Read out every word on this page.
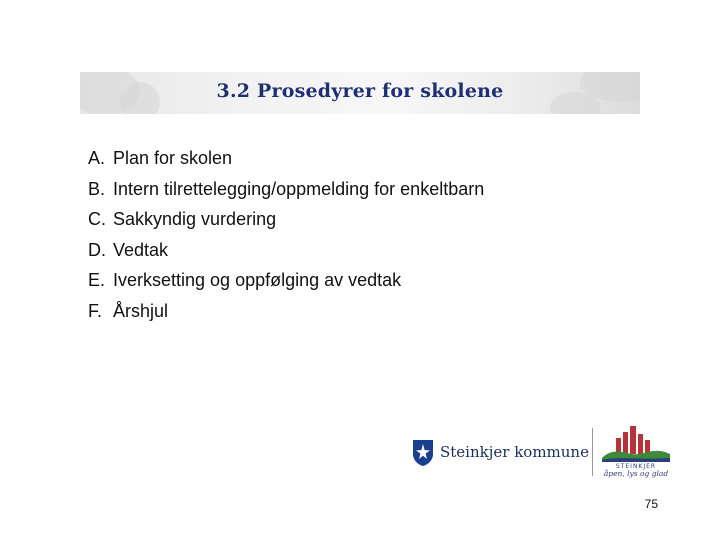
3.2 Prosedyrer for skolene
A. Plan for skolen
B. Intern tilrettelegging/oppmelding for enkeltbarn
C. Sakkyndig vurdering
D. Vedtak
E. Iverksetting og oppfølging av vedtak
F. Årshjul
Steinkjer kommune
STEINKJER
åpen, lys og glad
75
